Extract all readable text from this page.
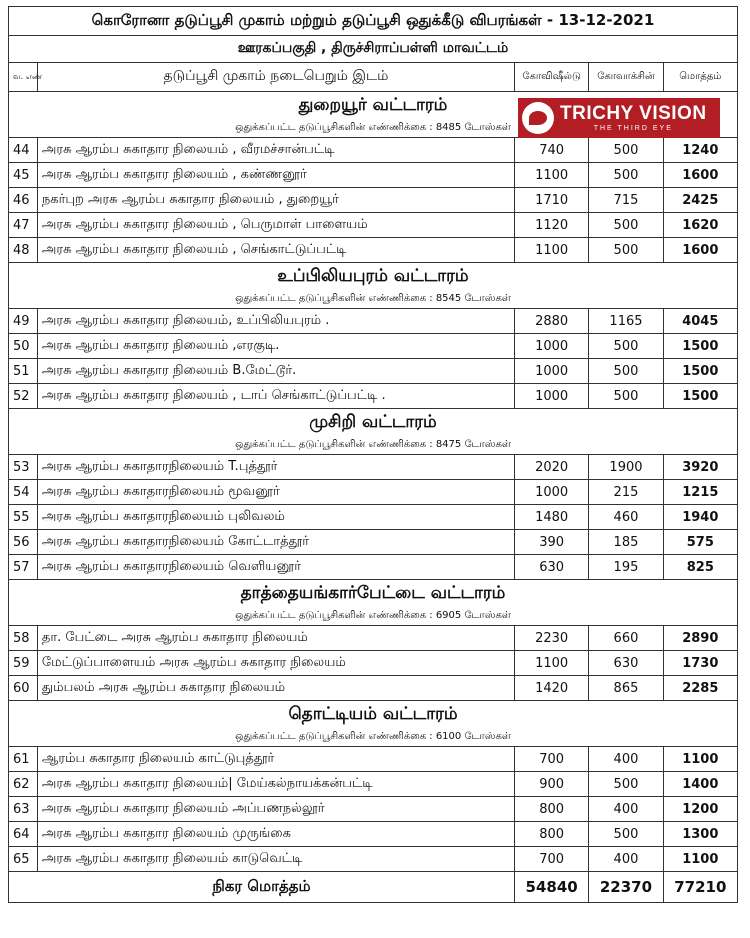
கொரோனா தடுப்பூசி முகாம் மற்றும் தடுப்பூசி ஒதுக்கீடு விபரங்கள் - 13-12-2021				
ஊரகப்பகுதி , திருச்சிராப்பள்ளி மாவட்டம்				
வ. எண்	தடுப்பூசி முகாம் நடைபெறும் இடம்	கோவிஷீல்டு	கோவாக்சின்	மொத்தம்
துறையூர் வட்டாரம்				
ஒதுக்கப்பட்ட தடுப்பூசிகளின் எண்ணிக்கை : 8485 டோஸ்கள்				
44	அரசு ஆரம்ப சுகாதார நிலையம் , வீரமச்சான்பட்டி	740	500	1240
45	அரசு ஆரம்ப சுகாதார நிலையம் , கண்ணனூர்	1100	500	1600
46	நகர்புற அரசு ஆரம்ப சுகாதார நிலையம் , துறையூர்	1710	715	2425
47	அரசு ஆரம்ப சுகாதார நிலையம் , பெருமாள் பாளையம்	1120	500	1620
48	அரசு ஆரம்ப சுகாதார நிலையம் , செங்காட்டுப்பட்டி	1100	500	1600
உப்பிலியபுரம் வட்டாரம்				
ஒதுக்கப்பட்ட தடுப்பூசிகளின் எண்ணிக்கை : 8545 டோஸ்கள்				
49	அரசு ஆரம்ப சுகாதார நிலையம், உப்பிலியபுரம் .	2880	1165	4045
50	அரசு ஆரம்ப சுகாதார நிலையம் ,எரகுடி.	1000	500	1500
51	அரசு ஆரம்ப சுகாதார நிலையம் B.மேட்டூர்.	1000	500	1500
52	அரசு ஆரம்ப சுகாதார நிலையம் , டாப் செங்காட்டுப்பட்டி .	1000	500	1500
முசிறி வட்டாரம்				
ஒதுக்கப்பட்ட தடுப்பூசிகளின் எண்ணிக்கை : 8475 டோஸ்கள்				
53	அரசு ஆரம்ப சுகாதாரநிலையம் T.புத்தூர்	2020	1900	3920
54	அரசு ஆரம்ப சுகாதாரநிலையம் மூவனூர்	1000	215	1215
55	அரசு ஆரம்ப சுகாதாரநிலையம் புலிவலம்	1480	460	1940
56	அரசு ஆரம்ப சுகாதாரநிலையம் கோட்டாத்தூர்	390	185	575
57	அரசு ஆரம்ப சுகாதாரநிலையம் வெளியனூர்	630	195	825
தாத்தையங்கார்பேட்டை வட்டாரம்				
ஒதுக்கப்பட்ட தடுப்பூசிகளின் எண்ணிக்கை : 6905 டோஸ்கள்				
58	தா. பேட்டை அரசு ஆரம்ப சுகாதார நிலையம்	2230	660	2890
59	மேட்டுப்பாளையம் அரசு ஆரம்ப சுகாதார நிலையம்	1100	630	1730
60	தும்பலம் அரசு ஆரம்ப சுகாதார நிலையம்	1420	865	2285
தொட்டியம் வட்டாரம்				
ஒதுக்கப்பட்ட தடுப்பூசிகளின் எண்ணிக்கை : 6100 டோஸ்கள்				
61	ஆரம்ப சுகாதார நிலையம் காட்டுபுத்தூர்	700	400	1100
62	அரசு ஆரம்ப சுகாதார நிலையம்| மேய்கல்நாயக்கன்பட்டி	900	500	1400
63	அரசு ஆரம்ப சுகாதார நிலையம் அப்பணநல்லூர்	800	400	1200
64	அரசு ஆரம்ப சுகாதார நிலையம் முருங்கை	800	500	1300
65	அரசு ஆரம்ப சுகாதார நிலையம் காடுவெட்டி	700	400	1100
நிகர மொத்தம்		54840	22370	77210
TRICHY VISION
THE THIRD EYE
